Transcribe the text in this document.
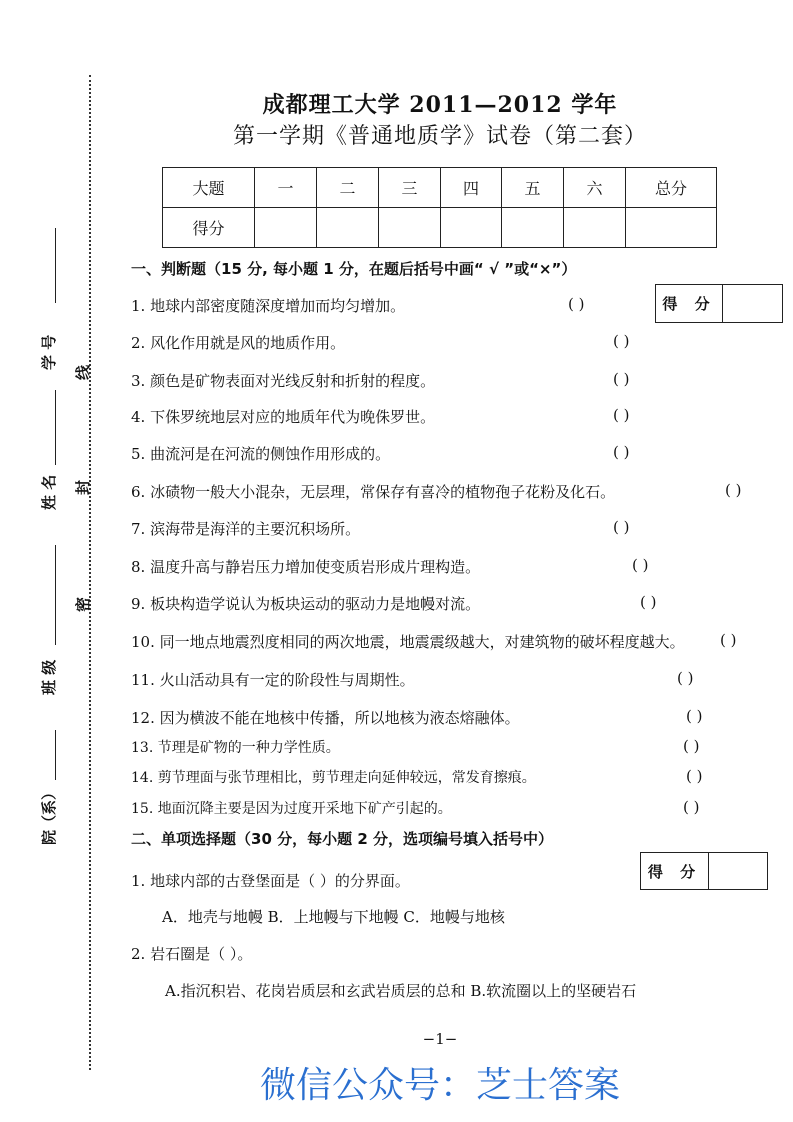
院（系）
班 级
姓 名
学 号
密
封
线
成都理工大学 2011—2012 学年
第一学期《普通地质学》试卷（第二套）
大题	一	二	三	四	五	六	总分
得分							
一、判断题（15 分, 每小题 1 分，在题后括号中画“ √ ”或“×”）
得 分
1. 地球内部密度随深度增加而均匀增加。	( )
2. 风化作用就是风的地质作用。	( )
3. 颜色是矿物表面对光线反射和折射的程度。	( )
4. 下侏罗统地层对应的地质年代为晚侏罗世。	( )
5. 曲流河是在河流的侧蚀作用形成的。	( )
6. 冰碛物一般大小混杂，无层理，常保存有喜冷的植物孢子花粉及化石。	( )
7. 滨海带是海洋的主要沉积场所。	( )
8. 温度升高与静岩压力增加使变质岩形成片理构造。	( )
9. 板块构造学说认为板块运动的驱动力是地幔对流。	( )
10. 同一地点地震烈度相同的两次地震，地震震级越大，对建筑物的破坏程度越大。 ( )
11. 火山活动具有一定的阶段性与周期性。	( )
12. 因为横波不能在地核中传播，所以地核为液态熔融体。	( )
13. 节理是矿物的一种力学性质。	( )
14. 剪节理面与张节理相比，剪节理走向延伸较远，常发育擦痕。	( )
15. 地面沉降主要是因为过度开采地下矿产引起的。	( )
二、单项选择题（30 分，每小题 2 分，选项编号填入括号中）
得 分
1. 地球内部的古登堡面是（ ）的分界面。
A．地壳与地幔 B．上地幔与下地幔 C．地幔与地核
2. 岩石圈是（ ）。
A.指沉积岩、花岗岩质层和玄武岩质层的总和 B.软流圈以上的坚硬岩石
−1−
微信公众号：芝士答案
